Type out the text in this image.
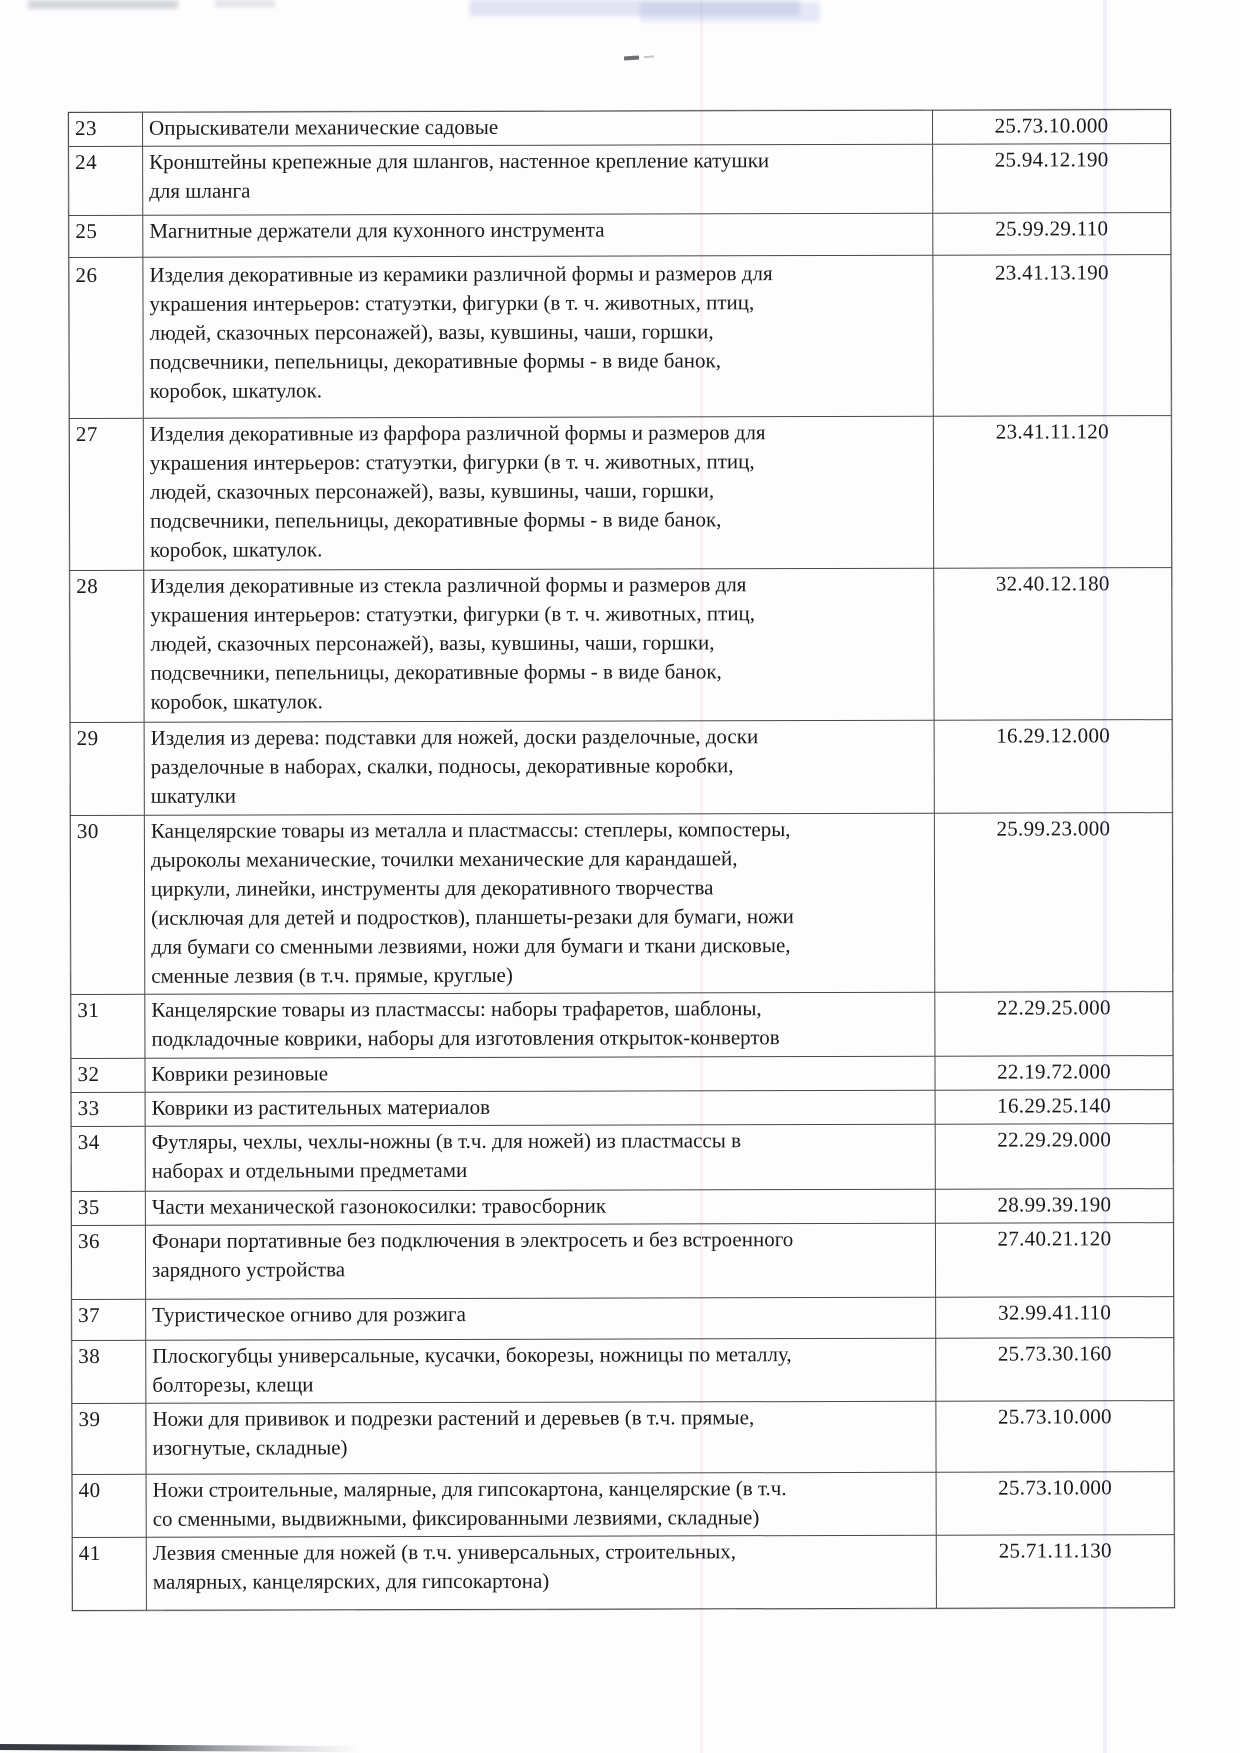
23	Опрыскиватели механические садовые	25.73.10.000
24	Кронштейны крепежные для шлангов, настенное крепление катушки
для шланга	25.94.12.190
25	Магнитные держатели для кухонного инструмента	25.99.29.110
26	Изделия декоративные из керамики различной формы и размеров для
украшения интерьеров: статуэтки, фигурки (в т. ч. животных, птиц,
людей, сказочных персонажей), вазы, кувшины, чаши, горшки,
подсвечники, пепельницы, декоративные формы - в виде банок,
коробок, шкатулок.	23.41.13.190
27	Изделия декоративные из фарфора различной формы и размеров для
украшения интерьеров: статуэтки, фигурки (в т. ч. животных, птиц,
людей, сказочных персонажей), вазы, кувшины, чаши, горшки,
подсвечники, пепельницы, декоративные формы - в виде банок,
коробок, шкатулок.	23.41.11.120
28	Изделия декоративные из стекла различной формы и размеров для
украшения интерьеров: статуэтки, фигурки (в т. ч. животных, птиц,
людей, сказочных персонажей), вазы, кувшины, чаши, горшки,
подсвечники, пепельницы, декоративные формы - в виде банок,
коробок, шкатулок.	32.40.12.180
29	Изделия из дерева: подставки для ножей, доски разделочные, доски
разделочные в наборах, скалки, подносы, декоративные коробки,
шкатулки	16.29.12.000
30	Канцелярские товары из металла и пластмассы: степлеры, компостеры,
дыроколы механические, точилки механические для карандашей,
циркули, линейки, инструменты для декоративного творчества
(исключая для детей и подростков), планшеты-резаки для бумаги, ножи
для бумаги со сменными лезвиями, ножи для бумаги и ткани дисковые,
сменные лезвия (в т.ч. прямые, круглые)	25.99.23.000
31	Канцелярские товары из пластмассы: наборы трафаретов, шаблоны,
подкладочные коврики, наборы для изготовления открыток-конвертов	22.29.25.000
32	Коврики резиновые	22.19.72.000
33	Коврики из растительных материалов	16.29.25.140
34	Футляры, чехлы, чехлы-ножны (в т.ч. для ножей) из пластмассы в
наборах и отдельными предметами	22.29.29.000
35	Части механической газонокосилки: травосборник	28.99.39.190
36	Фонари портативные без подключения в электросеть и без встроенного
зарядного устройства	27.40.21.120
37	Туристическое огниво для розжига	32.99.41.110
38	Плоскогубцы универсальные, кусачки, бокорезы, ножницы по металлу,
болторезы, клещи	25.73.30.160
39	Ножи для прививок и подрезки растений и деревьев (в т.ч. прямые,
изогнутые, складные)	25.73.10.000
40	Ножи строительные, малярные, для гипсокартона, канцелярские (в т.ч.
со сменными, выдвижными, фиксированными лезвиями, складные)	25.73.10.000
41	Лезвия сменные для ножей (в т.ч. универсальных, строительных,
малярных, канцелярских, для гипсокартона)	25.71.11.130
